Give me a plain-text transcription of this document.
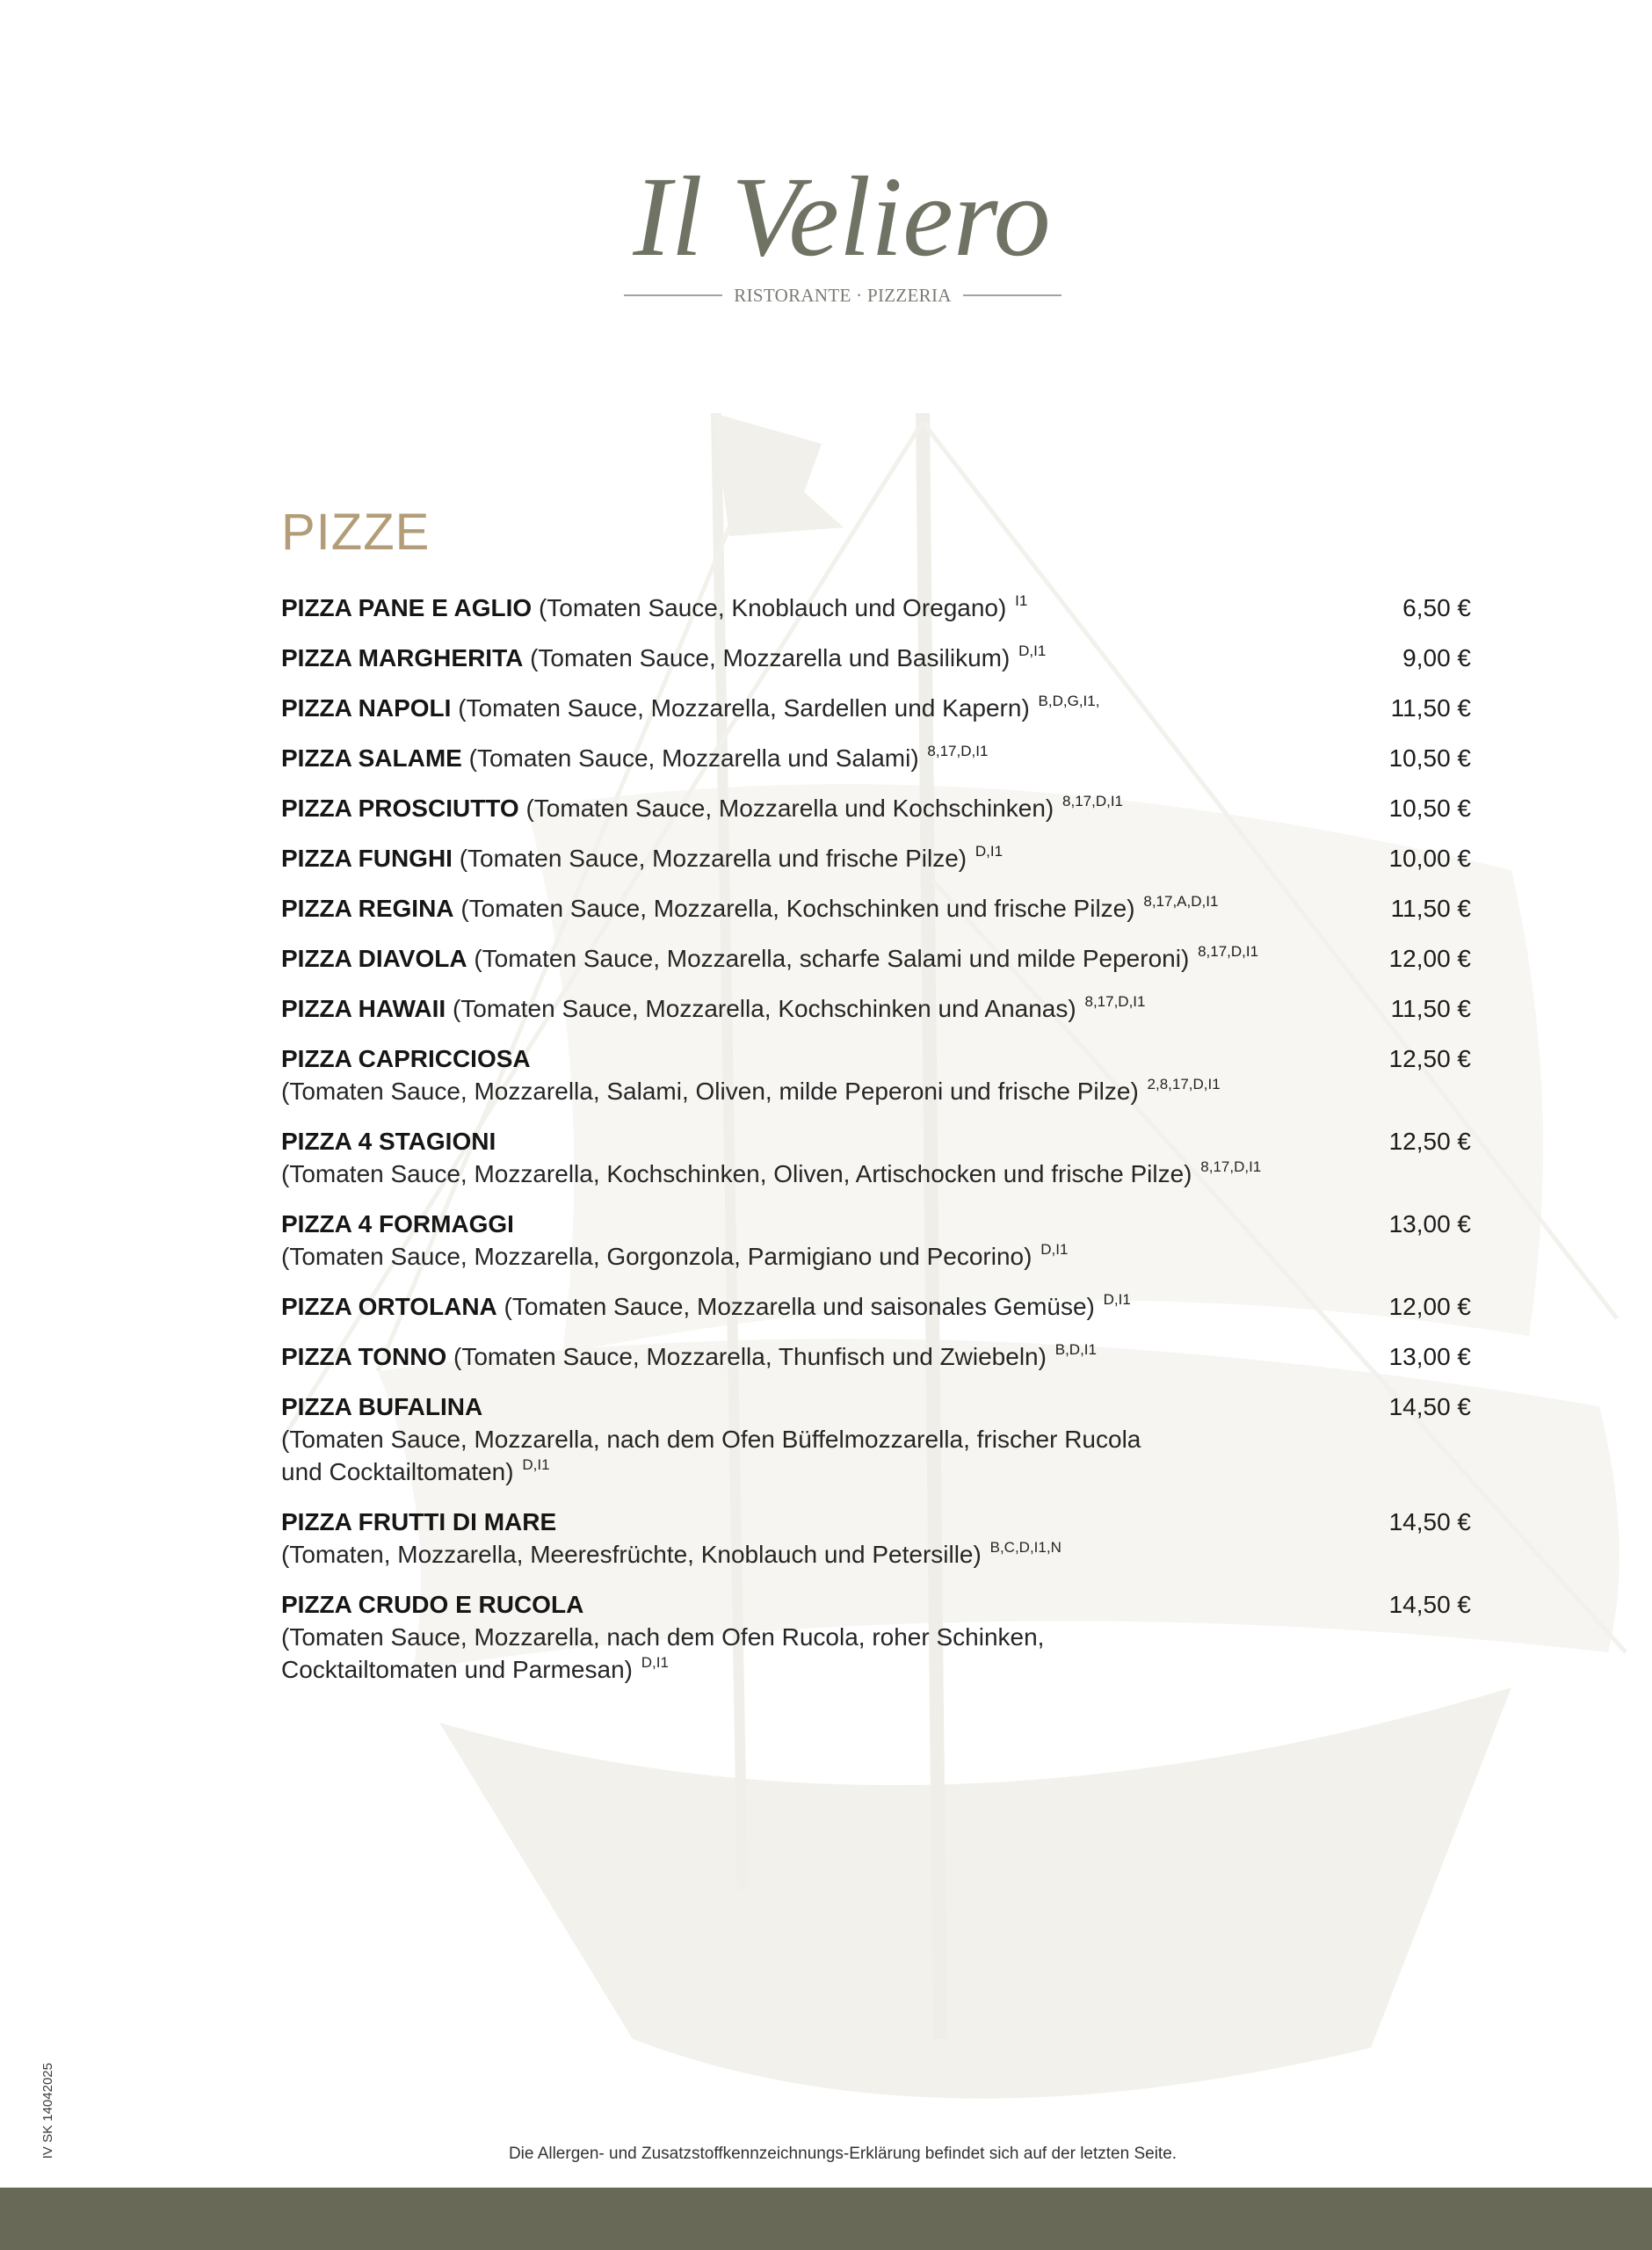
Il Veliero
RISTORANTE · PIZZERIA
PIZZE
PIZZA PANE E AGLIO (Tomaten Sauce, Knoblauch und Oregano) $^{I1}$	6,50 €
PIZZA MARGHERITA (Tomaten Sauce, Mozzarella und Basilikum) $^{D,I1}$	9,00 €
PIZZA NAPOLI (Tomaten Sauce, Mozzarella, Sardellen und Kapern) $^{B,D,G,I1,}$	11,50 €
PIZZA SALAME (Tomaten Sauce, Mozzarella und Salami) $^{8,17,D,I1}$	10,50 €
PIZZA PROSCIUTTO (Tomaten Sauce, Mozzarella und Kochschinken) $^{8,17,D,I1}$	10,50 €
PIZZA FUNGHI (Tomaten Sauce, Mozzarella und frische Pilze) $^{D,I1}$	10,00 €
PIZZA REGINA (Tomaten Sauce, Mozzarella, Kochschinken und frische Pilze) $^{8,17,A,D,I1}$	11,50 €
PIZZA DIAVOLA (Tomaten Sauce, Mozzarella, scharfe Salami und milde Peperoni) $^{8,17,D,I1}$	12,00 €
PIZZA HAWAII (Tomaten Sauce, Mozzarella, Kochschinken und Ananas) $^{8,17,D,I1}$	11,50 €
PIZZA CAPRICCIOSA
(Tomaten Sauce, Mozzarella, Salami, Oliven, milde Peperoni und frische Pilze) $^{2,8,17,D,I1}$
12,50 €
PIZZA 4 STAGIONI
(Tomaten Sauce, Mozzarella, Kochschinken, Oliven, Artischocken und frische Pilze) $^{8,17,D,I1}$
12,50 €
PIZZA 4 FORMAGGI
(Tomaten Sauce, Mozzarella, Gorgonzola, Parmigiano und Pecorino) $^{D,I1}$
13,00 €
PIZZA ORTOLANA (Tomaten Sauce, Mozzarella und saisonales Gemüse) $^{D,I1}$	12,00 €
PIZZA TONNO (Tomaten Sauce, Mozzarella, Thunfisch und Zwiebeln) $^{B,D,I1}$	13,00 €
PIZZA BUFALINA
(Tomaten Sauce, Mozzarella, nach dem Ofen Büffelmozzarella, frischer Rucola
und Cocktailtomaten) $^{D,I1}$
14,50 €
PIZZA FRUTTI DI MARE
(Tomaten, Mozzarella, Meeresfrüchte, Knoblauch und Petersille) $^{B,C,D,I1,N}$
14,50 €
PIZZA CRUDO E RUCOLA
(Tomaten Sauce, Mozzarella, nach dem Ofen Rucola, roher Schinken,
Cocktailtomaten und Parmesan) $^{D,I1}$
14,50 €
Die Allergen- und Zusatzstoffkennzeichnungs-Erklärung befindet sich auf der letzten Seite.
IV SK 14042025
